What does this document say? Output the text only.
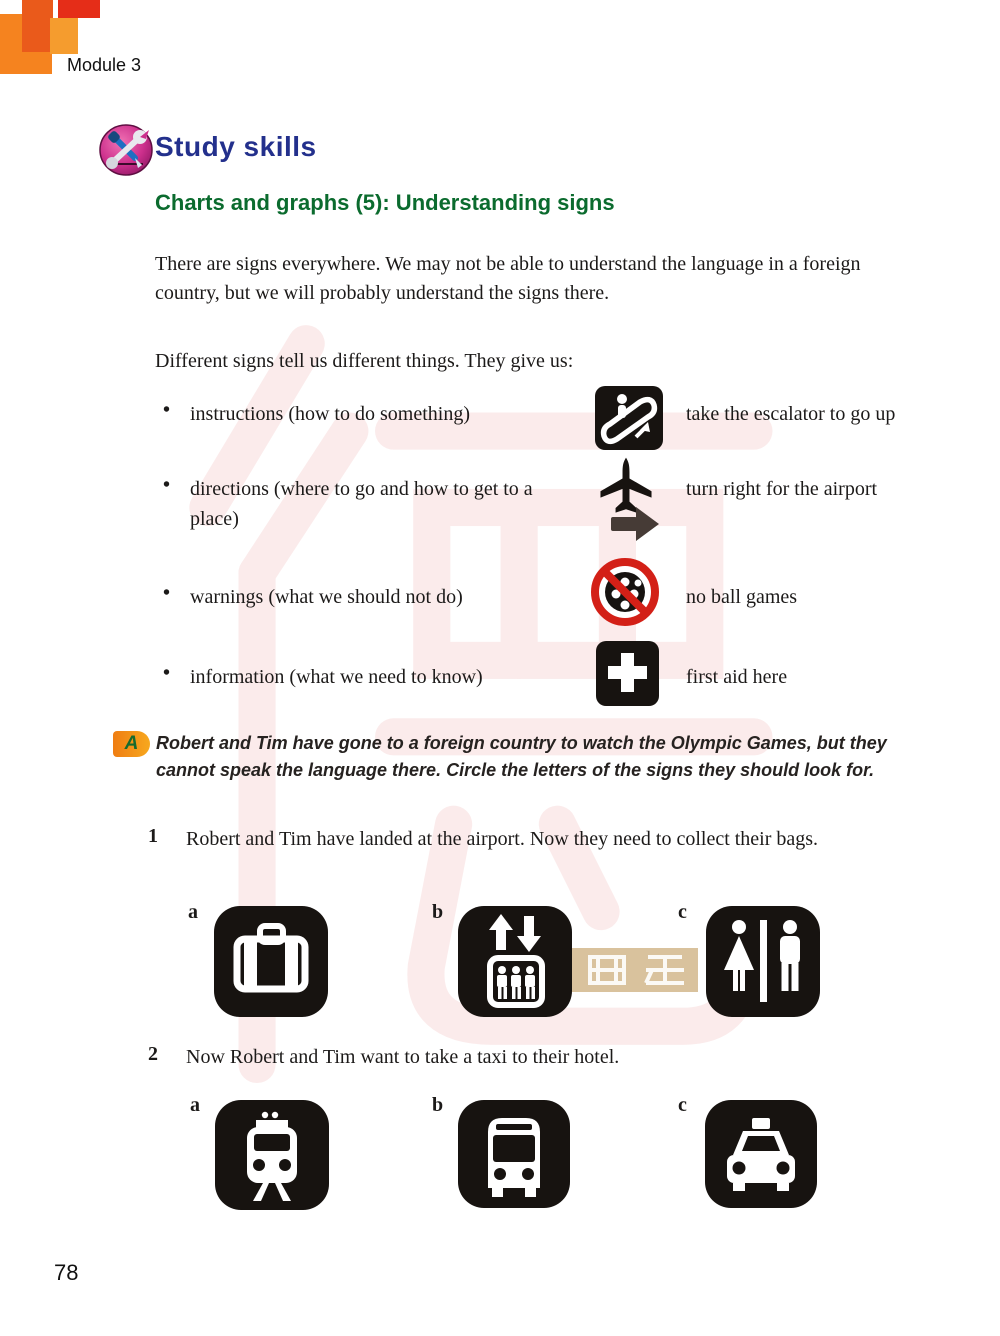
Module 3
Study skills
Charts and graphs (5): Understanding signs

There are signs everywhere. We may not be able to understand the language in a foreign country, but we will probably understand the signs there.

Different signs tell us different things. They give us:

• instructions (how to do something)	take the escalator to go up
• directions (where to go and how to get to a place)
turn right for the airport
• warnings (what we should not do)	no ball games
• information (what we need to know)	first aid here
A Robert and Tim have gone to a foreign country to watch the Olympic Games, but they cannot speak the language there. Circle the letters of the signs they should look for.
1 Robert and Tim have landed at the airport. Now they need to collect their bags.
a	b	c
2 Now Robert and Tim want to take a taxi to their hotel.
a	b	c
78
